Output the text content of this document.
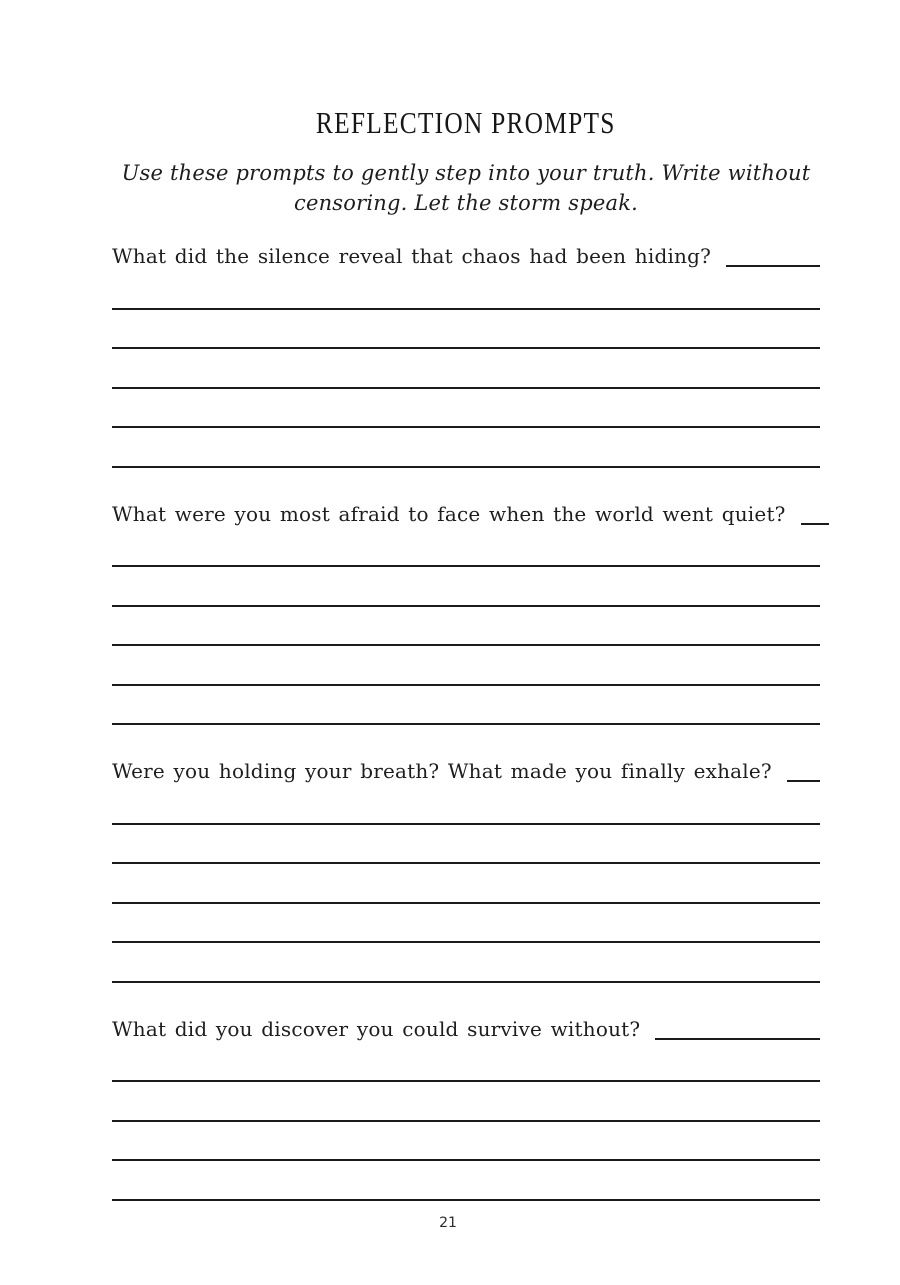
REFLECTION PROMPTS
Use these prompts to gently step into your truth. Write without
censoring. Let the storm speak.
What did the silence reveal that chaos had been hiding?
What were you most afraid to face when the world went quiet?
Were you holding your breath? What made you finally exhale?
What did you discover you could survive without?
21
